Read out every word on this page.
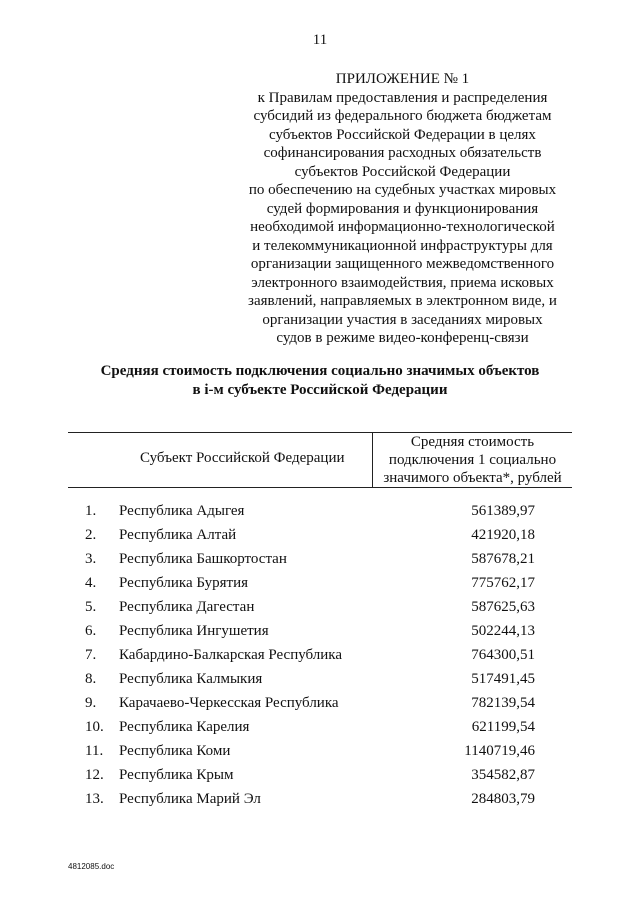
11
ПРИЛОЖЕНИЕ № 1
к Правилам предоставления и распределения
субсидий из федерального бюджета бюджетам
субъектов Российской Федерации в целях
софинансирования расходных обязательств
субъектов Российской Федерации
по обеспечению на судебных участках мировых
судей формирования и функционирования
необходимой информационно-технологической
и телекоммуникационной инфраструктуры для
организации защищенного межведомственного
электронного взаимодействия, приема исковых
заявлений, направляемых в электронном виде, и
организации участия в заседаниях мировых
судов в режиме видео-конференц-связи
Средняя стоимость подключения социально значимых объектов
в i-м субъекте Российской Федерации
Субъект Российской Федерации
Средняя стоимость
подключения 1 социально
значимого объекта*, рублей
1. Республика Адыгея	561389,97
2. Республика Алтай	421920,18
3. Республика Башкортостан	587678,21
4. Республика Бурятия	775762,17
5. Республика Дагестан	587625,63
6. Республика Ингушетия	502244,13
7. Кабардино-Балкарская Республика	764300,51
8. Республика Калмыкия	517491,45
9. Карачаево-Черкесская Республика	782139,54
10. Республика Карелия	621199,54
11. Республика Коми	1140719,46
12. Республика Крым	354582,87
13. Республика Марий Эл	284803,79
4812085.doc
